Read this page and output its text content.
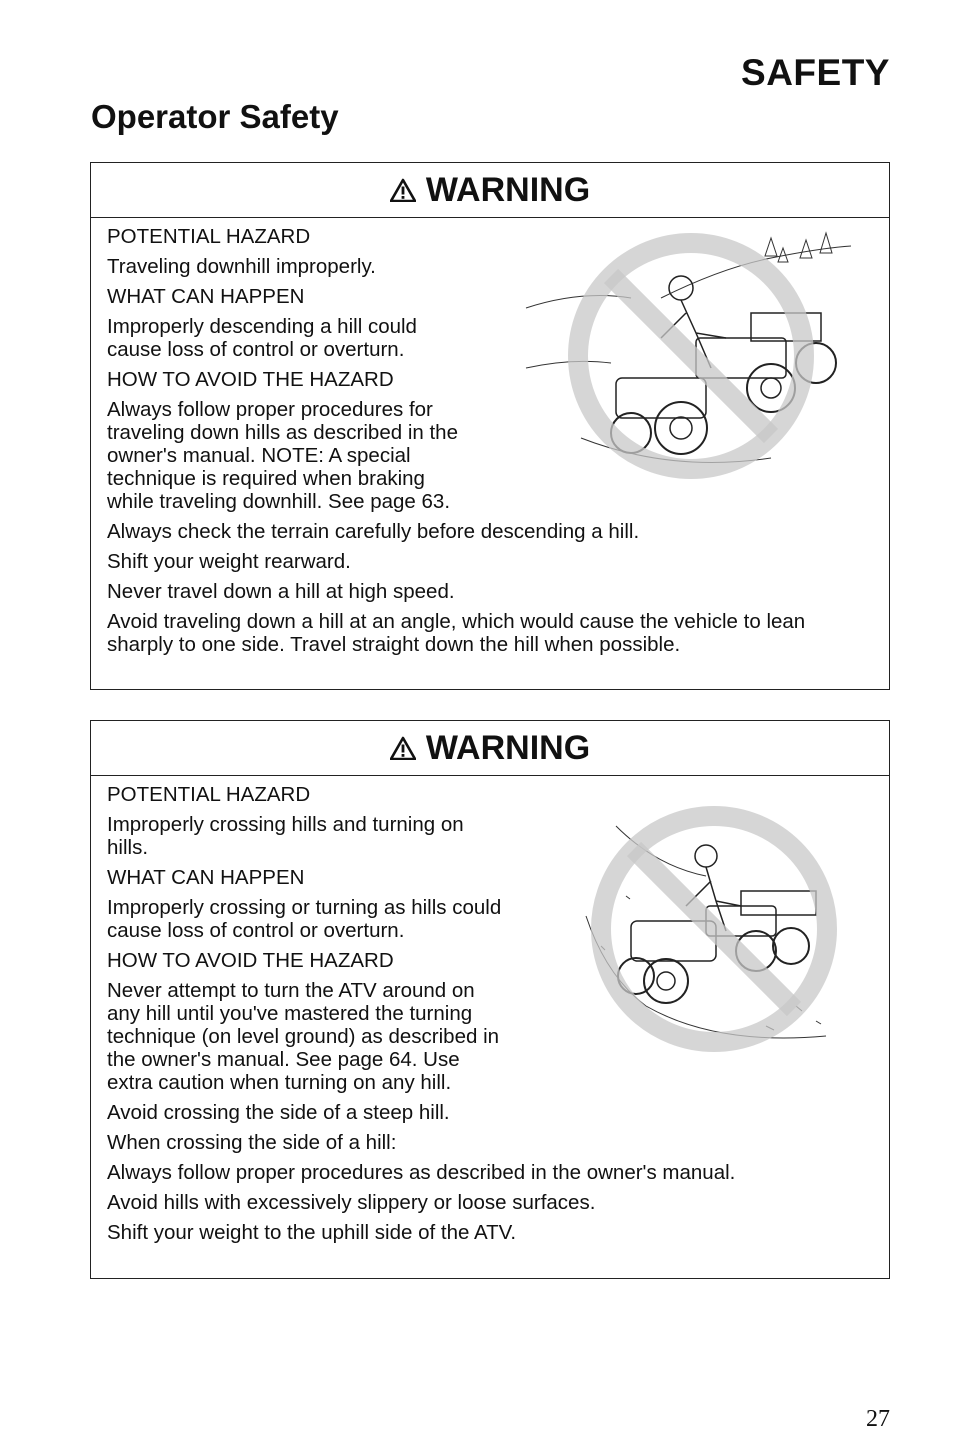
SAFETY
Operator Safety
WARNING
POTENTIAL HAZARD
Traveling downhill improperly.
WHAT CAN HAPPEN
Improperly descending a hill could cause loss of control or overturn.
HOW TO AVOID THE HAZARD
Always follow proper procedures for traveling down hills as described in the owner's manual. NOTE: A special technique is required when braking while traveling downhill. See page 63.
Always check the terrain carefully before descending a hill.
Shift your weight rearward.
Never travel down a hill at high speed.
Avoid traveling down a hill at an angle, which would cause the vehicle to lean sharply to one side. Travel straight down the hill when possible.
WARNING
POTENTIAL HAZARD
Improperly crossing hills and turning on hills.
WHAT CAN HAPPEN
Improperly crossing or turning as hills could cause loss of control or overturn.
HOW TO AVOID THE HAZARD
Never attempt to turn the ATV around on any hill until you've mastered the turning technique (on level ground) as described in the owner's manual. See page 64. Use extra caution when turning on any hill.
Avoid crossing the side of a steep hill.
When crossing the side of a hill:
Always follow proper procedures as described in the owner's manual.
Avoid hills with excessively slippery or loose surfaces.
Shift your weight to the uphill side of the ATV.
27
